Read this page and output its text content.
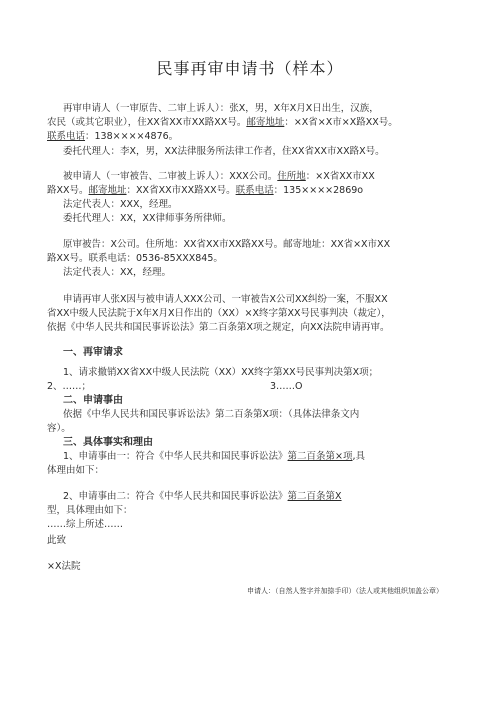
民事再审申请书（样本）
再审申请人（一审原告、二审上诉人）：张X，男，X年X月X日出生，汉族，
农民（或其它职业），住XX省XX市XX路XX号。邮寄地址：×X省×X市×X路XX号。
联系电话：138××××4876。
委托代理人：李X，男，XX法律服务所法律工作者，住XX省XX市XX路X号。
被申请人（一审被告、二审被上诉人）：XXX公司。住所地：×X省XX市XX
路XX号。邮寄地址：XX省XX市XX路XX号。联系电话：135××××2869o
法定代表人：XXX，经理。
委托代理人：XX，XX律师事务所律师。
原审被告：X公司。住所地：XX省XX市XX路XX号。邮寄地址：XX省×X市XX
路XX号。联系电话：0536-85XXX845。
法定代表人：XX，经理。
申请再审人张X因与被申请人XXX公司、一审被告X公司XX纠纷一案，不服XX
省XX中级人民法院于X年X月X日作出的（XX）×X终字第XX号民事判决（裁定），
依据《中华人民共和国民事诉讼法》第二百条第X项之规定，向XX法院申请再审。
一、再审请求
1、请求撤销XX省XX中级人民法院（XX）XX终字第XX号民事判决第X项；
2、……；	3……O
二、申请事由
依据《中华人民共和国民事诉讼法》第二百条第X项：（具体法律条文内
容）。
三、具体事实和理由
1、申请事由一：符合《中华人民共和国民事诉讼法》第二百条第×项,具
体理由如下：
2、申请事由二：符合《中华人民共和国民事诉讼法》第二百条第X
型，具体理由如下：
……综上所述……
此致
×X法院
申请人：（自然人签字并加捺手印）（法人或其他组织加盖公章）
